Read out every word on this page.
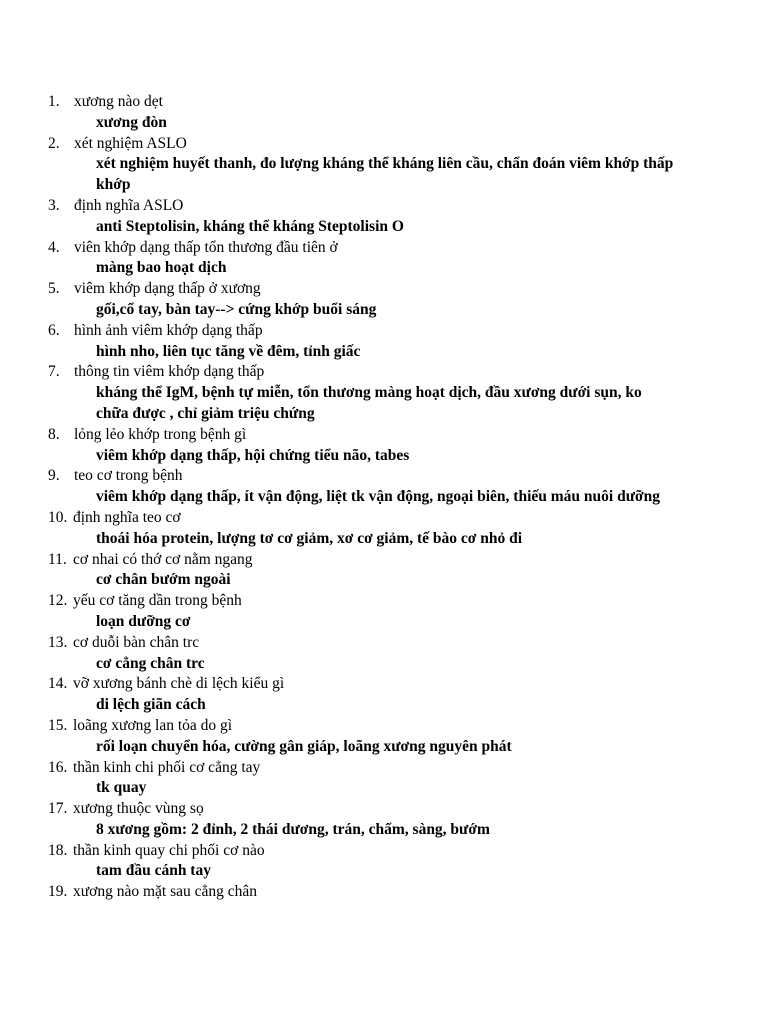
1. xương nào dẹt
xương đòn
2. xét nghiệm ASLO
xét nghiệm huyết thanh, đo lượng kháng thể kháng liên cầu, chẩn đoán viêm khớp thấp khớp
3. định nghĩa ASLO
anti Steptolisin, kháng thể kháng Steptolisin O
4. viên khớp dạng thấp tổn thương đầu tiên ở
màng bao hoạt dịch
5. viêm khớp dạng thấp ở xương
gối,cổ tay, bàn tay--> cứng khớp buổi sáng
6. hình ảnh viêm khớp dạng thấp
hình nho, liên tục tăng về đêm, tỉnh giấc
7. thông tin viêm khớp dạng thấp
kháng thể IgM, bệnh tự miễn, tổn thương màng hoạt dịch, đầu xương dưới sụn, ko chữa được , chỉ giảm triệu chứng
8. lỏng lẻo khớp trong bệnh gì
viêm khớp dạng thấp, hội chứng tiểu não, tabes
9. teo cơ trong bệnh
viêm khớp dạng thấp, ít vận động, liệt tk vận động, ngoại biên, thiếu máu nuôi dưỡng
10. định nghĩa teo cơ
thoái hóa protein, lượng tơ cơ giảm, xơ cơ giảm, tế bào cơ nhỏ đi
11. cơ nhai có thớ cơ nằm ngang
cơ chân bướm ngoài
12. yếu cơ tăng dần trong bệnh
loạn dưỡng cơ
13. cơ duỗi bàn chân trc
cơ cẳng chân trc
14. vỡ xương bánh chè di lệch kiểu gì
di lệch giãn cách
15. loãng xương lan tỏa do gì
rối loạn chuyển hóa, cường gân giáp, loãng xương nguyên phát
16. thần kinh chi phối cơ cẳng tay
tk quay
17. xương thuộc vùng sọ
8 xương gồm: 2 đỉnh, 2 thái dương, trán, chẩm, sàng, bướm
18. thần kinh quay chi phối cơ nào
tam đầu cánh tay
19. xương nào mặt sau cẳng chân
